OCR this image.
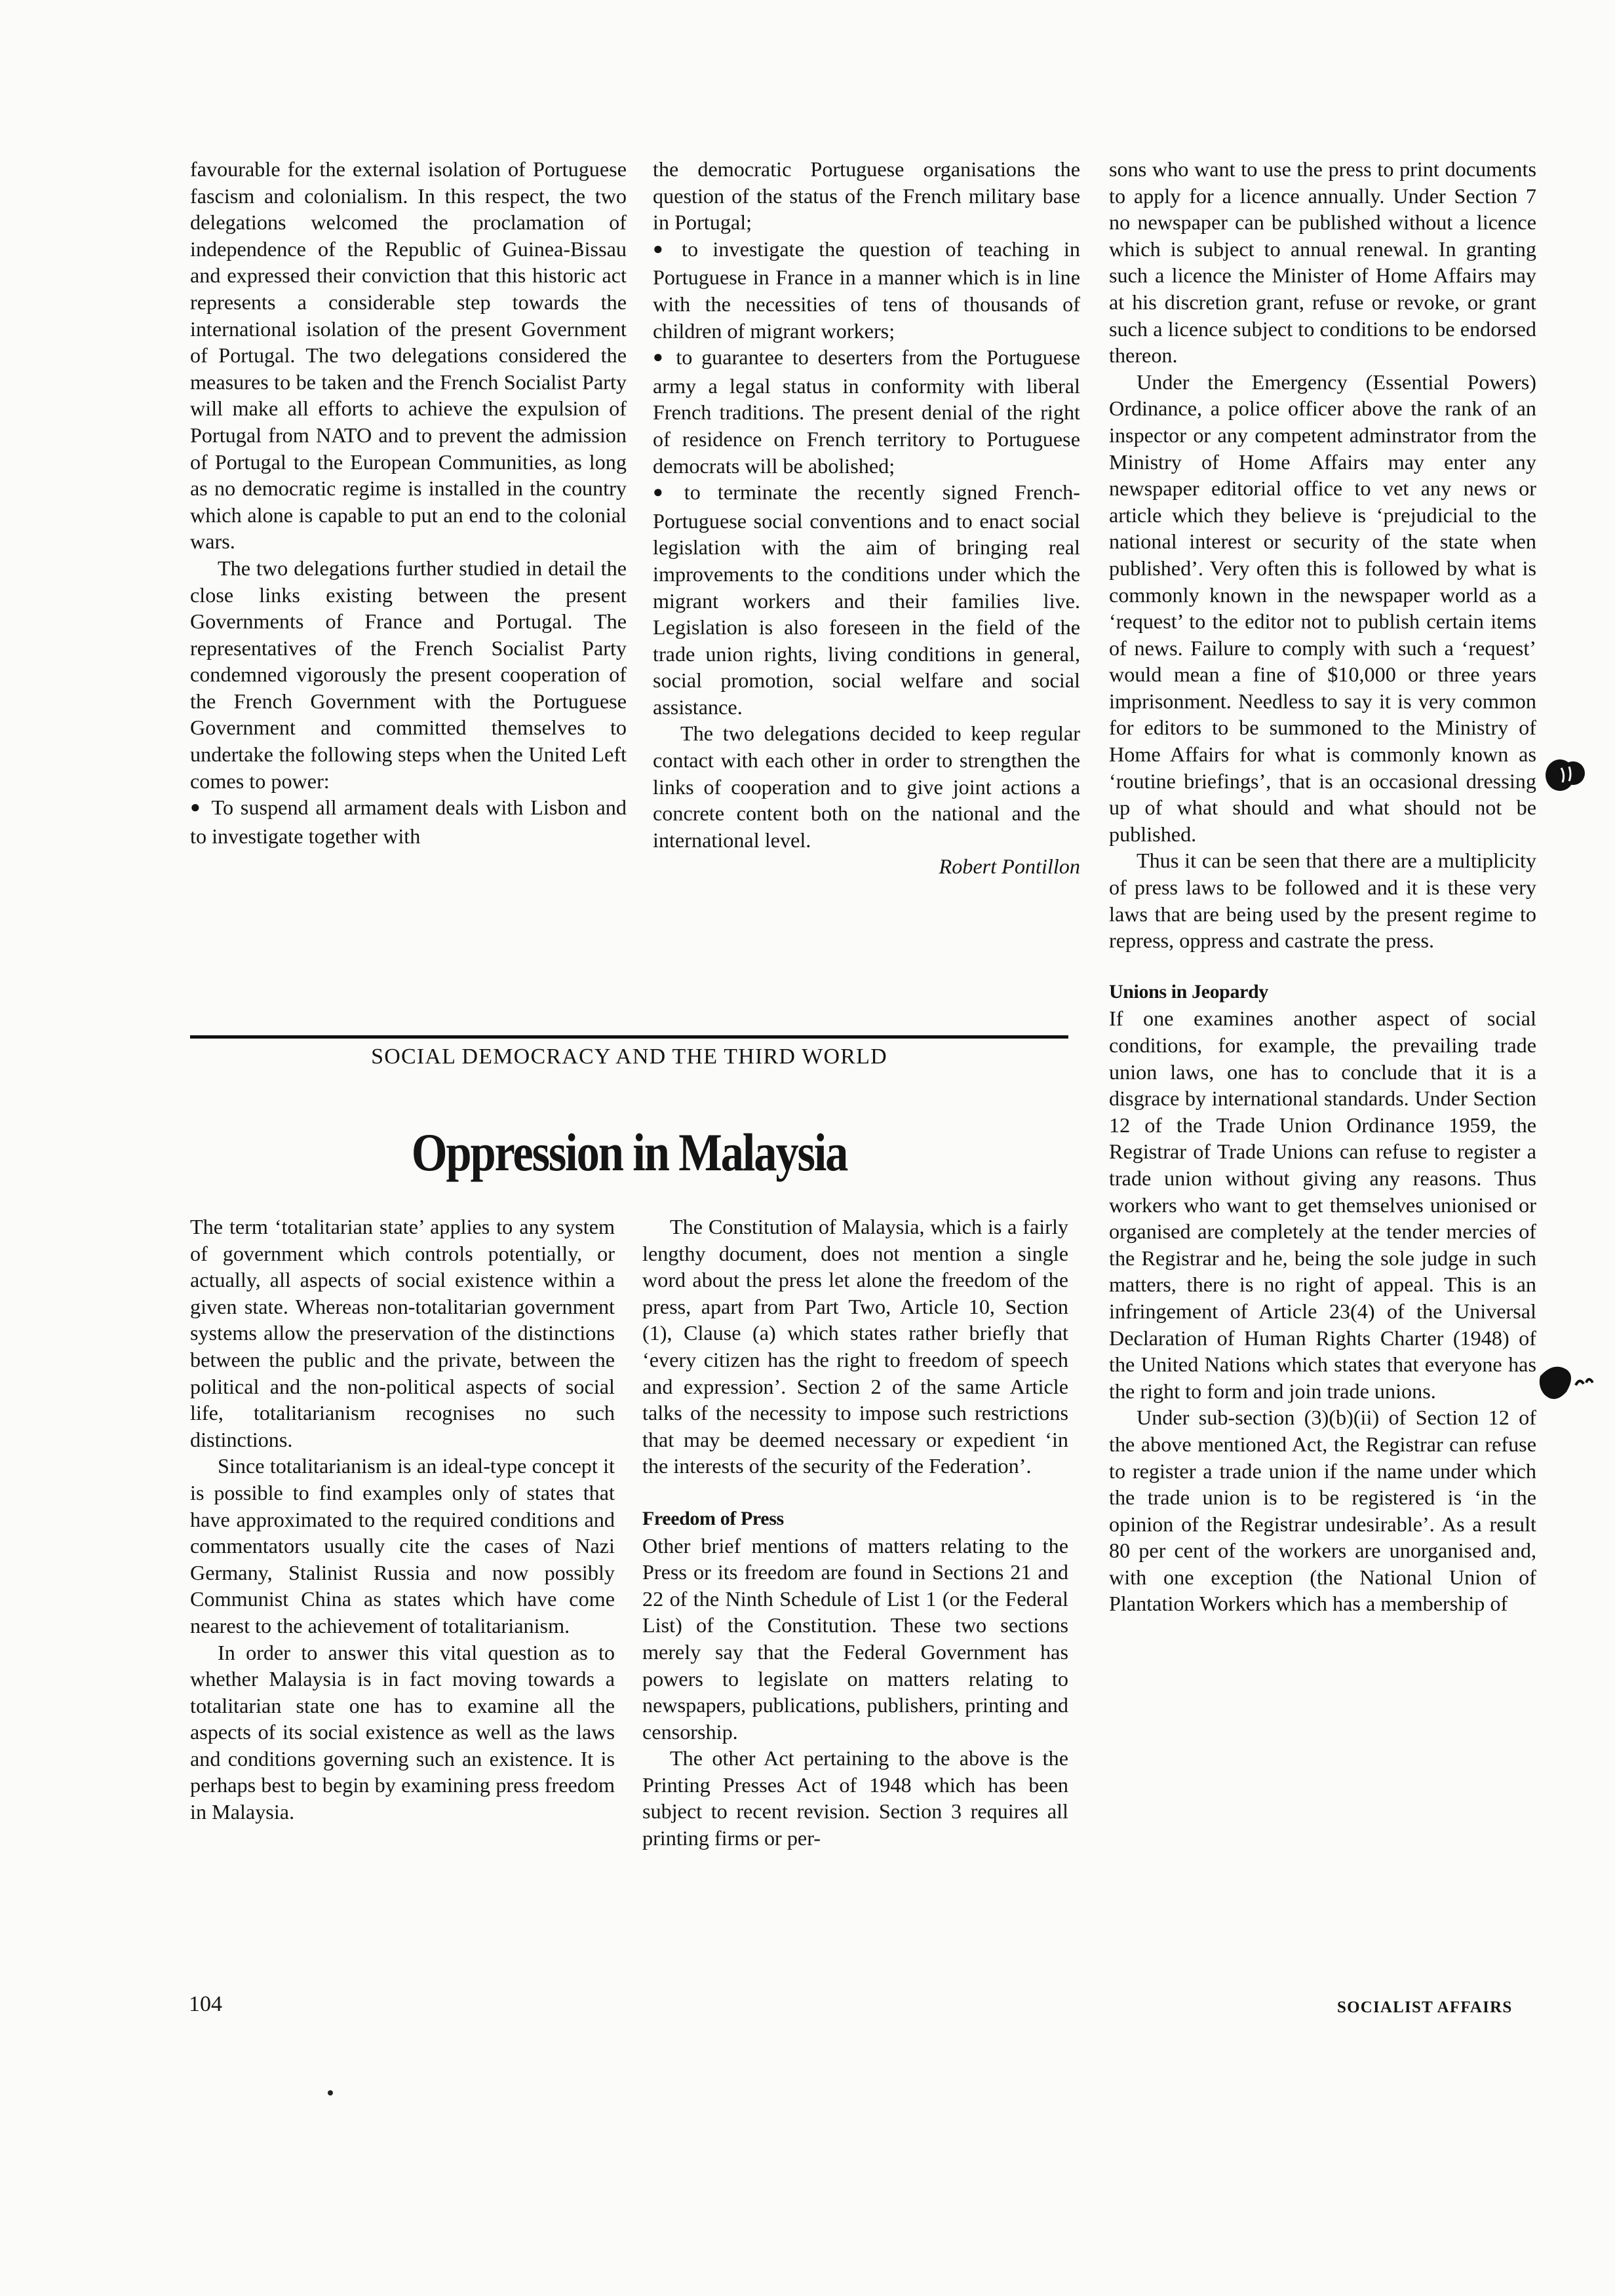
favourable for the external isolation of Portuguese fascism and colonialism. In this respect, the two delegations welcomed the proclamation of independence of the Republic of Guinea-Bissau and expressed their conviction that this historic act represents a considerable step towards the international isolation of the present Government of Portugal. The two delegations considered the measures to be taken and the French Socialist Party will make all efforts to achieve the expulsion of Portugal from NATO and to prevent the admission of Portugal to the European Communities, as long as no democratic regime is installed in the country which alone is capable to put an end to the colonial wars.

The two delegations further studied in detail the close links existing between the present Governments of France and Portugal. The representatives of the French Socialist Party condemned vigorously the present cooperation of the French Government with the Portuguese Government and committed themselves to undertake the following steps when the United Left comes to power:

● To suspend all armament deals with Lisbon and to investigate together with

the democratic Portuguese organisations the question of the status of the French military base in Portugal;

● to investigate the question of teaching in Portuguese in France in a manner which is in line with the necessities of tens of thousands of children of migrant workers;

● to guarantee to deserters from the Portuguese army a legal status in conformity with liberal French traditions. The present denial of the right of residence on French territory to Portuguese democrats will be abolished;

● to terminate the recently signed French-Portuguese social conventions and to enact social legislation with the aim of bringing real improvements to the conditions under which the migrant workers and their families live. Legislation is also foreseen in the field of the trade union rights, living conditions in general, social promotion, social welfare and social assistance.

The two delegations decided to keep regular contact with each other in order to strengthen the links of cooperation and to give joint actions a concrete content both on the national and the international level.

Robert Pontillon

SOCIAL DEMOCRACY AND THE THIRD WORLD
Oppression in Malaysia

The term ‘totalitarian state’ applies to any system of government which controls potentially, or actually, all aspects of social existence within a given state. Whereas non-totalitarian government systems allow the preservation of the distinctions between the public and the private, between the political and the non-political aspects of social life, totalitarianism recognises no such distinctions.

Since totalitarianism is an ideal-type concept it is possible to find examples only of states that have approximated to the required conditions and commentators usually cite the cases of Nazi Germany, Stalinist Russia and now possibly Communist China as states which have come nearest to the achievement of totalitarianism.

In order to answer this vital question as to whether Malaysia is in fact moving towards a totalitarian state one has to examine all the aspects of its social existence as well as the laws and conditions governing such an existence. It is perhaps best to begin by examining press freedom in Malaysia.

The Constitution of Malaysia, which is a fairly lengthy document, does not mention a single word about the press let alone the freedom of the press, apart from Part Two, Article 10, Section (1), Clause (a) which states rather briefly that ‘every citizen has the right to freedom of speech and expression’. Section 2 of the same Article talks of the necessity to impose such restrictions that may be deemed necessary or expedient ‘in the interests of the security of the Federation’.

Freedom of Press

Other brief mentions of matters relating to the Press or its freedom are found in Sections 21 and 22 of the Ninth Schedule of List 1 (or the Federal List) of the Constitution. These two sections merely say that the Federal Government has powers to legislate on matters relating to newspapers, publications, publishers, printing and censorship.

The other Act pertaining to the above is the Printing Presses Act of 1948 which has been subject to recent revision. Section 3 requires all printing firms or per-

sons who want to use the press to print documents to apply for a licence annually. Under Section 7 no newspaper can be published without a licence which is subject to annual renewal. In granting such a licence the Minister of Home Affairs may at his discretion grant, refuse or revoke, or grant such a licence subject to conditions to be endorsed thereon.

Under the Emergency (Essential Powers) Ordinance, a police officer above the rank of an inspector or any competent adminstrator from the Ministry of Home Affairs may enter any newspaper editorial office to vet any news or article which they believe is ‘prejudicial to the national interest or security of the state when published’. Very often this is followed by what is commonly known in the newspaper world as a ‘request’ to the editor not to publish certain items of news. Failure to comply with such a ‘request’ would mean a fine of $10,000 or three years imprisonment. Needless to say it is very common for editors to be summoned to the Ministry of Home Affairs for what is commonly known as ‘routine briefings’, that is an occasional dressing up of what should and what should not be published.

Thus it can be seen that there are a multiplicity of press laws to be followed and it is these very laws that are being used by the present regime to repress, oppress and castrate the press.

Unions in Jeopardy

If one examines another aspect of social conditions, for example, the prevailing trade union laws, one has to conclude that it is a disgrace by international standards. Under Section 12 of the Trade Union Ordinance 1959, the Registrar of Trade Unions can refuse to register a trade union without giving any reasons. Thus workers who want to get themselves unionised or organised are completely at the tender mercies of the Registrar and he, being the sole judge in such matters, there is no right of appeal. This is an infringement of Article 23(4) of the Universal Declaration of Human Rights Charter (1948) of the United Nations which states that everyone has the right to form and join trade unions.

Under sub-section (3)(b)(ii) of Section 12 of the above mentioned Act, the Registrar can refuse to register a trade union if the name under which the trade union is to be registered is ‘in the opinion of the Registrar undesirable’. As a result 80 per cent of the workers are unorganised and, with one exception (the National Union of Plantation Workers which has a membership of

104	SOCIALIST AFFAIRS
